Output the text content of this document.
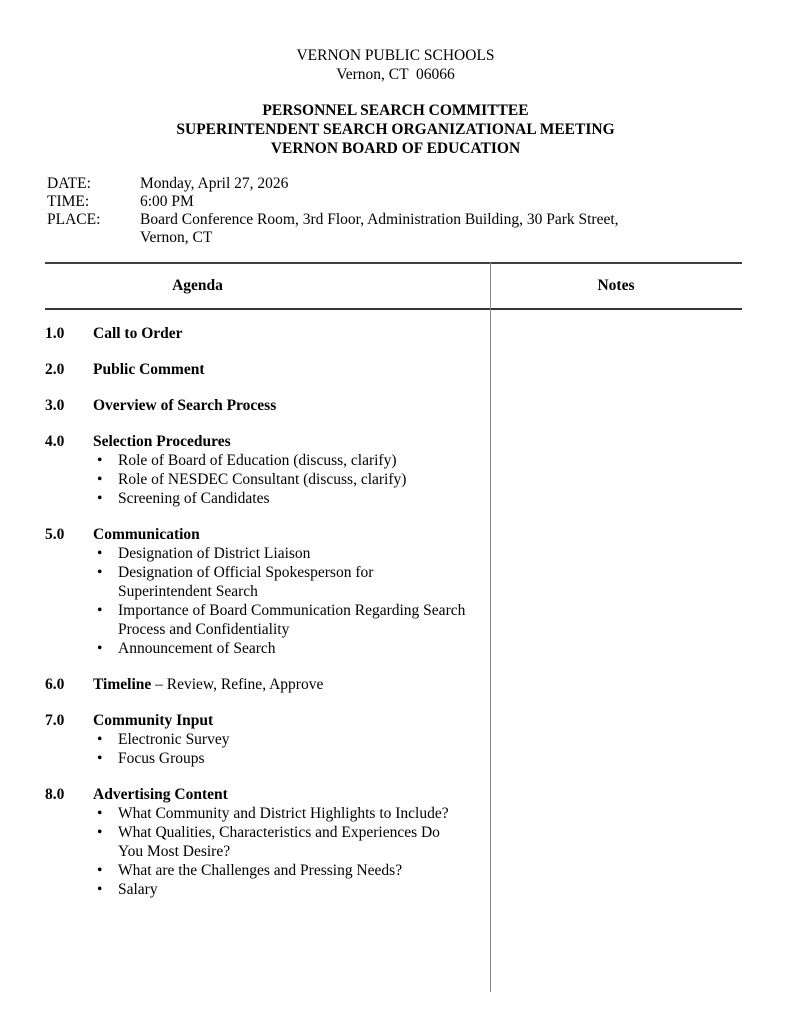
VERNON PUBLIC SCHOOLS
Vernon, CT  06066
PERSONNEL SEARCH COMMITTEE
SUPERINTENDENT SEARCH ORGANIZATIONAL MEETING
VERNON BOARD OF EDUCATION
DATE:	Monday, April 27, 2026
TIME:	6:00 PM
PLACE:	Board Conference Room, 3rd Floor, Administration Building, 30 Park Street,
Vernon, CT
Agenda	Notes
1.0	Call to Order
2.0	Public Comment
3.0	Overview of Search Process
4.0	Selection Procedures
• Role of Board of Education (discuss, clarify)
• Role of NESDEC Consultant (discuss, clarify)
• Screening of Candidates
5.0	Communication
• Designation of District Liaison
• Designation of Official Spokesperson for Superintendent Search
• Importance of Board Communication Regarding Search Process and Confidentiality
• Announcement of Search
6.0	Timeline – Review, Refine, Approve
7.0	Community Input
• Electronic Survey
• Focus Groups
8.0	Advertising Content
• What Community and District Highlights to Include?
• What Qualities, Characteristics and Experiences Do You Most Desire?
• What are the Challenges and Pressing Needs?
• Salary
